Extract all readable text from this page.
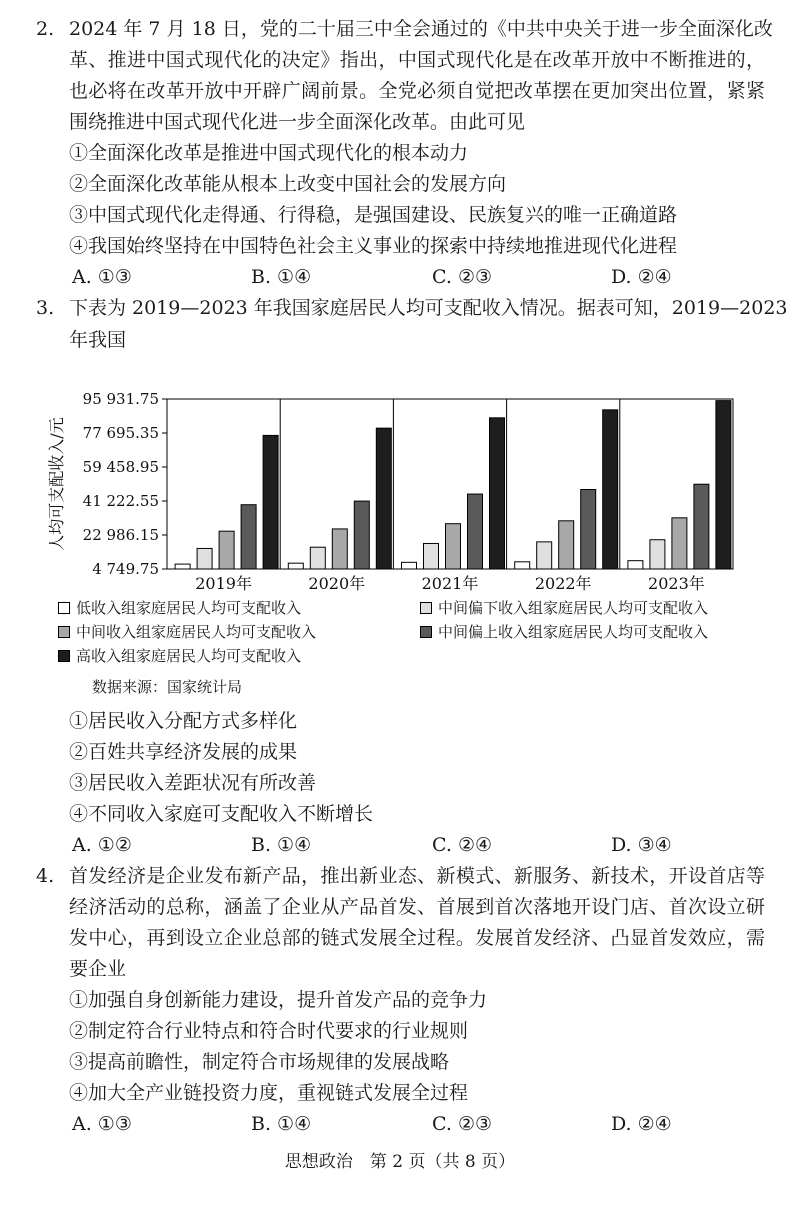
2. 2024 年 7 月 18 日，党的二十届三中全会通过的《中共中央关于进一步全面深化改
革、推进中国式现代化的决定》指出，中国式现代化是在改革开放中不断推进的，
也必将在改革开放中开辟广阔前景。全党必须自觉把改革摆在更加突出位置，紧紧
围绕推进中国式现代化进一步全面深化改革。由此可见
①全面深化改革是推进中国式现代化的根本动力
②全面深化改革能从根本上改变中国社会的发展方向
③中国式现代化走得通、行得稳，是强国建设、民族复兴的唯一正确道路
④我国始终坚持在中国特色社会主义事业的探索中持续地推进现代化进程
A. ①③	B. ①④	C. ②③	D. ②④
3. 下表为 2019—2023 年我国家庭居民人均可支配收入情况。据表可知，2019—2023
年我国
95 931.75
77 695.35
59 458.95
41 222.55
22 986.15
4 749.75
人均可支配收入/元
2019年	2020年	2021年	2022年	2023年
低收入组家庭居民人均可支配收入	中间偏下收入组家庭居民人均可支配收入
中间收入组家庭居民人均可支配收入	中间偏上收入组家庭居民人均可支配收入
高收入组家庭居民人均可支配收入
数据来源：国家统计局
①居民收入分配方式多样化
②百姓共享经济发展的成果
③居民收入差距状况有所改善
④不同收入家庭可支配收入不断增长
A. ①②	B. ①④	C. ②④	D. ③④
4. 首发经济是企业发布新产品，推出新业态、新模式、新服务、新技术，开设首店等
经济活动的总称，涵盖了企业从产品首发、首展到首次落地开设门店、首次设立研
发中心，再到设立企业总部的链式发展全过程。发展首发经济、凸显首发效应，需
要企业
①加强自身创新能力建设，提升首发产品的竞争力
②制定符合行业特点和符合时代要求的行业规则
③提高前瞻性，制定符合市场规律的发展战略
④加大全产业链投资力度，重视链式发展全过程
A. ①③	B. ①④	C. ②③	D. ②④
思想政治　第 2 页（共 8 页）
